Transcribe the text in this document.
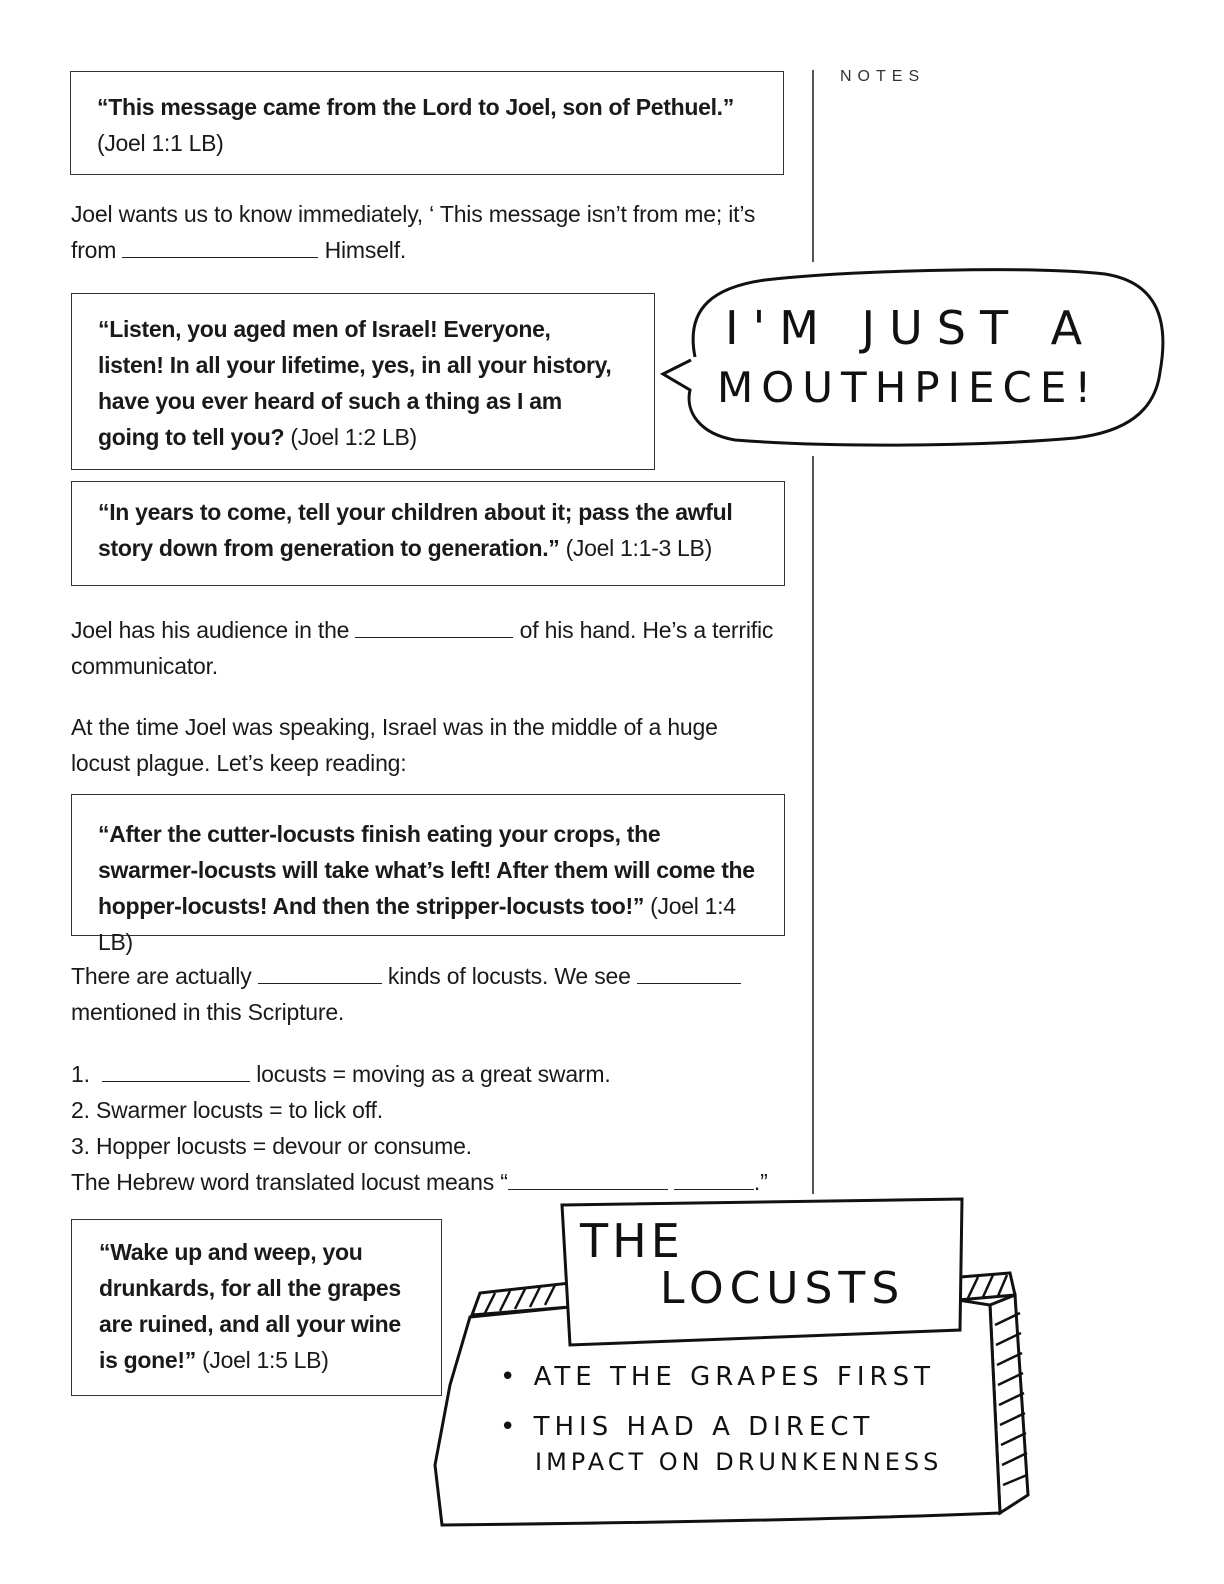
NOTES
“This message came from the Lord to Joel, son of Pethuel.”
(Joel 1:1 LB)

Joel wants us to know immediately, ‘ This message isn’t from me; it’s
from	Himself.

“Listen, you aged men of Israel! Everyone, listen! In all your lifetime, yes, in all your history, have you ever heard of such a thing as I am going to tell you? (Joel 1:2 LB)
I'M JUST A
MOUTHPIECE!
“In years to come, tell your children about it; pass the awful story down from generation to generation.” (Joel 1:1-3 LB)

Joel has his audience in the	of his hand. He’s a terrific
communicator.

At the time Joel was speaking, Israel was in the middle of a huge locust plague. Let’s keep reading:

“After the cutter-locusts finish eating your crops, the swarmer-locusts will take what’s left! After them will come the hopper-locusts! And then the stripper-locusts too!” (Joel 1:4 LB)

There are actually	kinds of locusts. We see
mentioned in this Scripture.

1.	locusts = moving as a great swarm.
2. Swarmer locusts = to lick off.
3. Hopper locusts = devour or consume.
The Hebrew word translated locust means “	.”
“Wake up and weep, you drunkards, for all the grapes are ruined, and all your wine is gone!” (Joel 1:5 LB)
THE
LOCUSTS
• ATE THE GRAPES FIRST
• THIS HAD A DIRECT
IMPACT ON DRUNKENNESS
